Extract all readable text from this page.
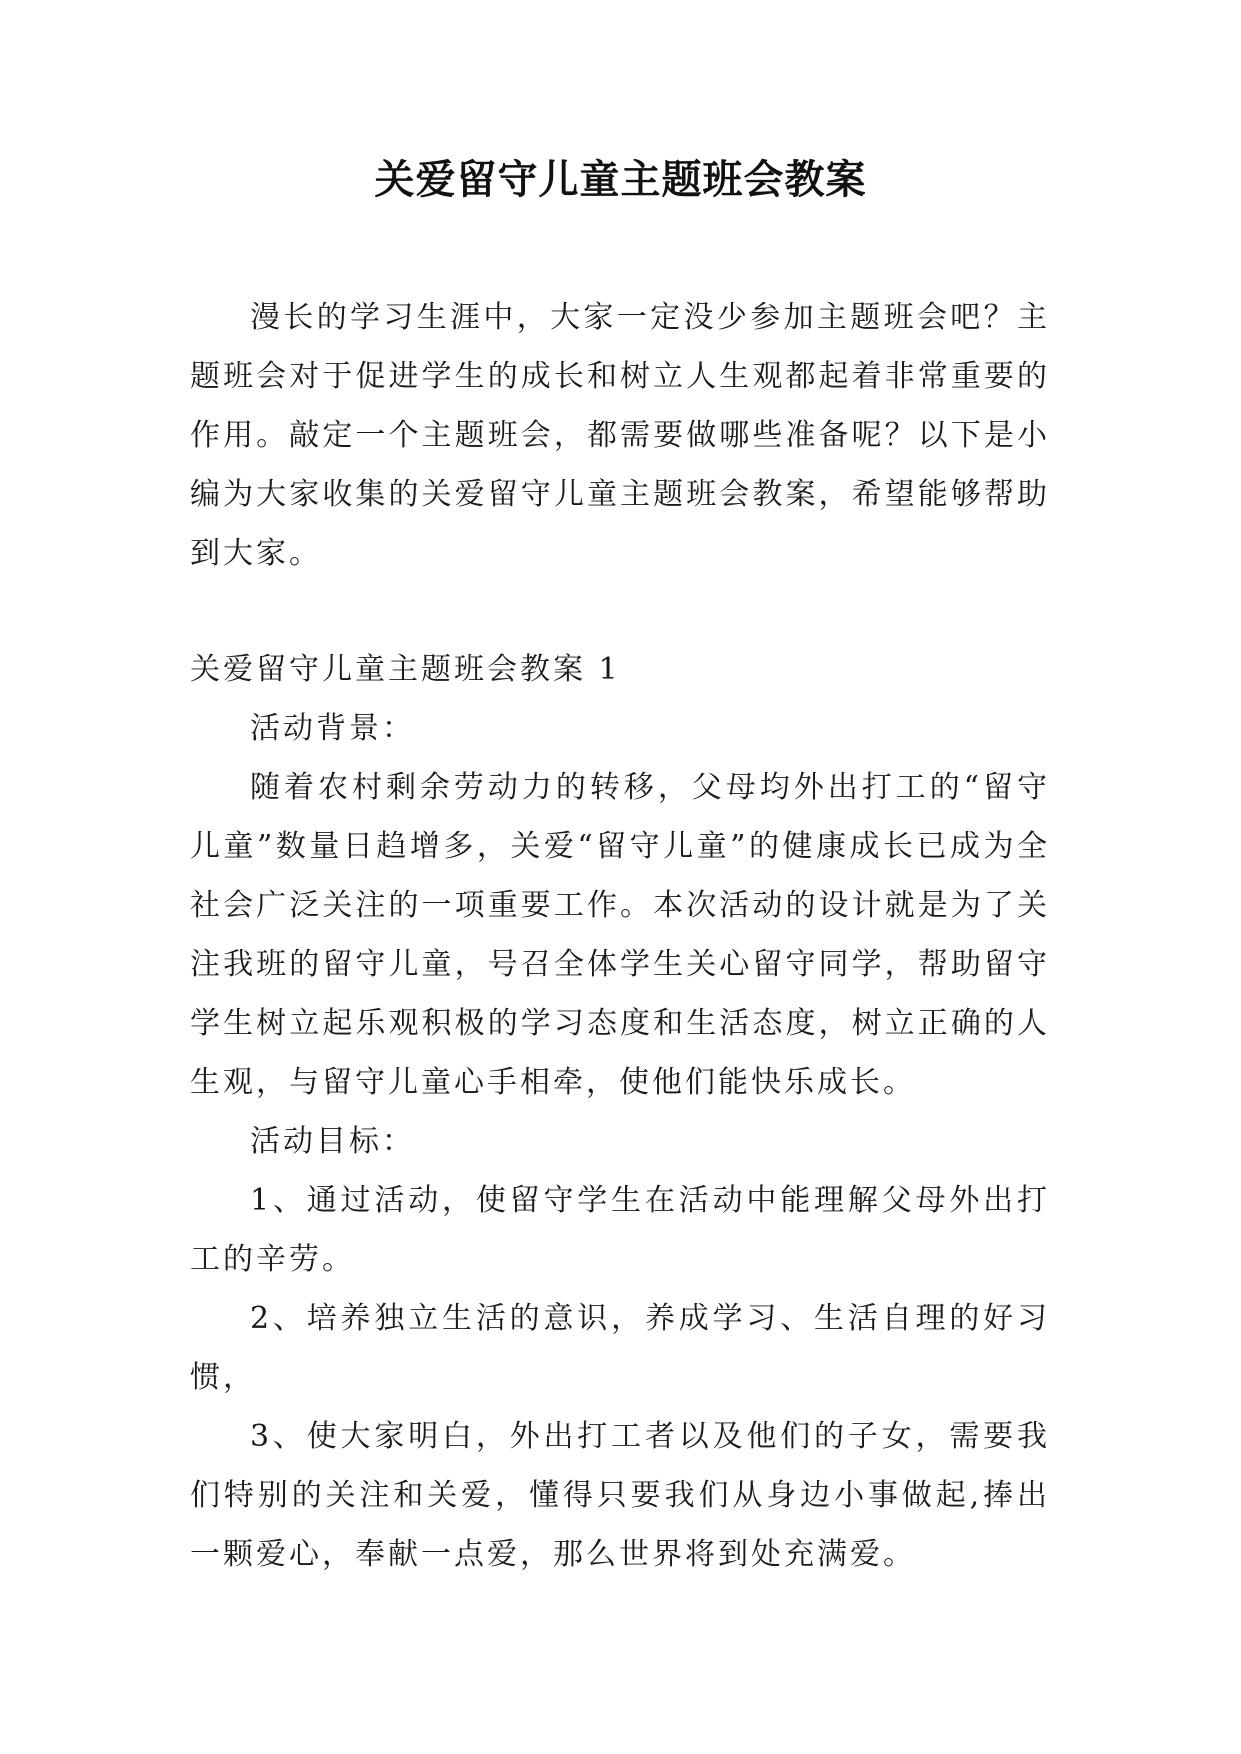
关爱留守儿童主题班会教案

漫长的学习生涯中，大家一定没少参加主题班会吧？主题班会对于促进学生的成长和树立人生观都起着非常重要的作用。敲定一个主题班会，都需要做哪些准备呢？以下是小编为大家收集的关爱留守儿童主题班会教案，希望能够帮助到大家。

关爱留守儿童主题班会教案 1

活动背景：

随着农村剩余劳动力的转移，父母均外出打工的“留守儿童”数量日趋增多，关爱“留守儿童”的健康成长已成为全社会广泛关注的一项重要工作。本次活动的设计就是为了关注我班的留守儿童，号召全体学生关心留守同学，帮助留守学生树立起乐观积极的学习态度和生活态度，树立正确的人生观，与留守儿童心手相牵，使他们能快乐成长。

活动目标：

1、通过活动，使留守学生在活动中能理解父母外出打工的辛劳。

2、培养独立生活的意识，养成学习、生活自理的好习惯，

3、使大家明白，外出打工者以及他们的子女，需要我们特别的关注和关爱，懂得只要我们从身边小事做起,捧出一颗爱心，奉献一点爱，那么世界将到处充满爱。
